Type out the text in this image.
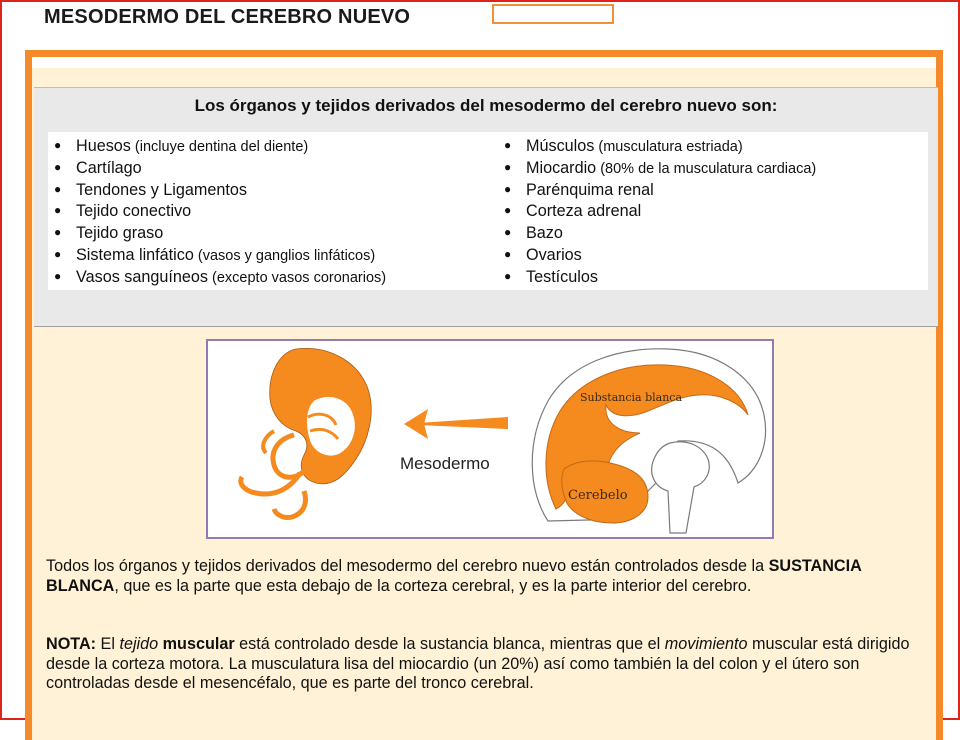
MESODERMO DEL CEREBRO NUEVO
Los órganos y tejidos derivados del mesodermo del cerebro nuevo son:
● Huesos (incluye dentina del diente)
● Cartílago
● Tendones y Ligamentos
● Tejido conectivo
● Tejido graso
● Sistema linfático (vasos y ganglios linfáticos)
● Vasos sanguíneos (excepto vasos coronarios)
● Músculos (musculatura estriada)
● Miocardio (80% de la musculatura cardiaca)
● Parénquima renal
● Corteza adrenal
● Bazo
● Ovarios
● Testículos
Mesodermo
Substancia blanca
Cerebelo

Todos los órganos y tejidos derivados del mesodermo del cerebro nuevo están controlados desde la SUSTANCIA BLANCA, que es la parte que esta debajo de la corteza cerebral, y es la parte interior del cerebro.

NOTA: El tejido muscular está controlado desde la sustancia blanca, mientras que el movimiento muscular está dirigido desde la corteza motora. La musculatura lisa del miocardio (un 20%) así como también la del colon y el útero son controladas desde el mesencéfalo, que es parte del tronco cerebral.
